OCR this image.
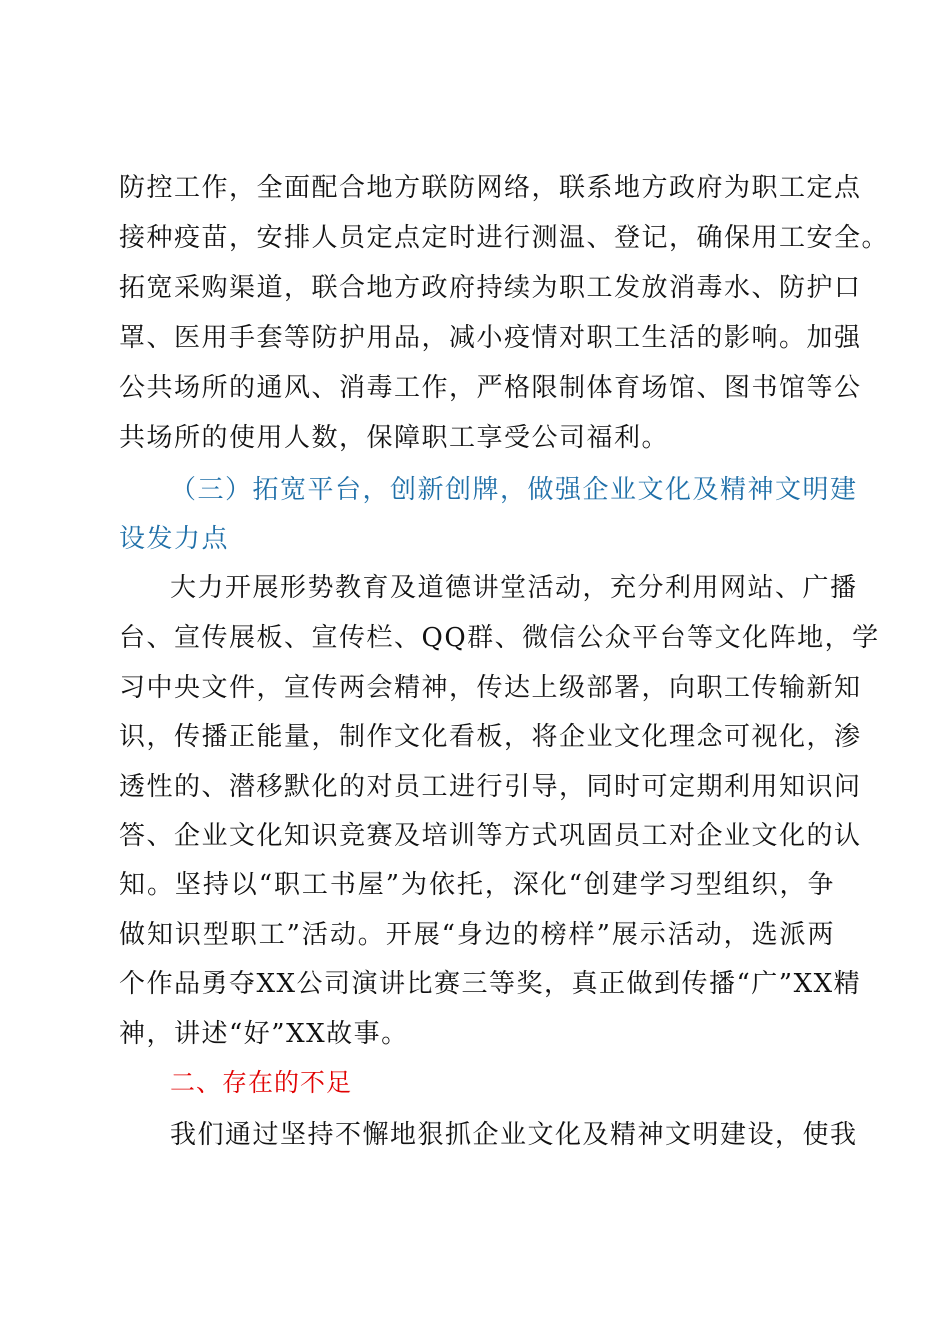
防控工作，全面配合地方联防网络，联系地方政府为职工定点
接种疫苗，安排人员定点定时进行测温、登记，确保用工安全。
拓宽采购渠道，联合地方政府持续为职工发放消毒水、防护口
罩、医用手套等防护用品，减小疫情对职工生活的影响。加强
公共场所的通风、消毒工作，严格限制体育场馆、图书馆等公
共场所的使用人数，保障职工享受公司福利。
（三）拓宽平台，创新创牌，做强企业文化及精神文明建
设发力点
大力开展形势教育及道德讲堂活动，充分利用网站、广播
台、宣传展板、宣传栏、QQ群、微信公众平台等文化阵地，学
习中央文件，宣传两会精神，传达上级部署，向职工传输新知
识，传播正能量，制作文化看板，将企业文化理念可视化，渗
透性的、潜移默化的对员工进行引导，同时可定期利用知识问
答、企业文化知识竞赛及培训等方式巩固员工对企业文化的认
知。坚持以“职工书屋”为依托，深化“创建学习型组织，争
做知识型职工”活动。开展“身边的榜样”展示活动，选派两
个作品勇夺XX公司演讲比赛三等奖，真正做到传播“广”XX精
神，讲述“好”XX故事。
二、存在的不足
我们通过坚持不懈地狠抓企业文化及精神文明建设，使我
